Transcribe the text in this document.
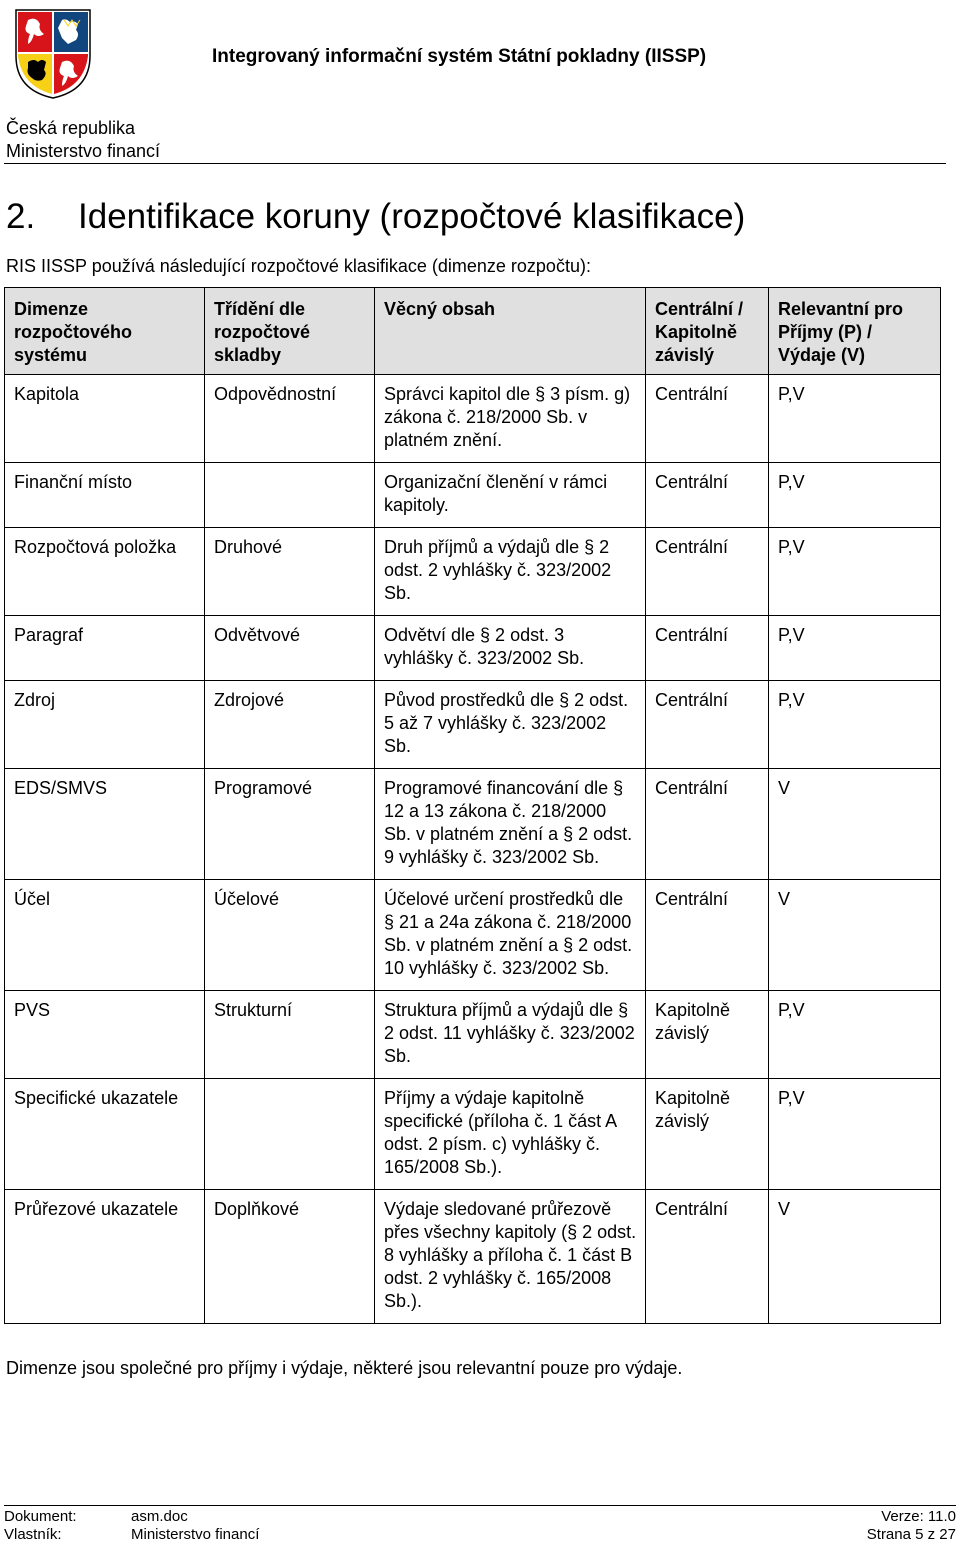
Integrovaný informační systém Státní pokladny (IISSP)
Česká republika
Ministerstvo financí
2. Identifikace koruny (rozpočtové klasifikace)
RIS IISSP používá následující rozpočtové klasifikace (dimenze rozpočtu):
Dimenze rozpočtového systému	Třídění dle rozpočtové skladby	Věcný obsah	Centrální / Kapitolně závislý	Relevantní pro Příjmy (P) / Výdaje (V)
Kapitola	Odpovědnostní	Správci kapitol dle § 3 písm. g) zákona č. 218/2000 Sb. v platném znění.	Centrální	P,V
Finanční místo		Organizační členění v rámci kapitoly.	Centrální	P,V
Rozpočtová položka	Druhové	Druh příjmů a výdajů dle § 2 odst. 2 vyhlášky č. 323/2002 Sb.	Centrální	P,V
Paragraf	Odvětvové	Odvětví dle § 2 odst. 3 vyhlášky č. 323/2002 Sb.	Centrální	P,V
Zdroj	Zdrojové	Původ prostředků dle § 2 odst. 5 až 7 vyhlášky č. 323/2002 Sb.	Centrální	P,V
EDS/SMVS	Programové	Programové financování dle § 12 a 13 zákona č. 218/2000 Sb. v platném znění a § 2 odst. 9 vyhlášky č. 323/2002 Sb.	Centrální	V
Účel	Účelové	Účelové určení prostředků dle § 21 a 24a zákona č. 218/2000 Sb. v platném znění a § 2 odst. 10 vyhlášky č. 323/2002 Sb.	Centrální	V
PVS	Strukturní	Struktura příjmů a výdajů dle § 2 odst. 11 vyhlášky č. 323/2002 Sb.	Kapitolně závislý	P,V
Specifické ukazatele		Příjmy a výdaje kapitolně specifické (příloha č. 1 část A odst. 2 písm. c) vyhlášky č. 165/2008 Sb.).	Kapitolně závislý	P,V
Průřezové ukazatele	Doplňkové	Výdaje sledované průřezově přes všechny kapitoly (§ 2 odst. 8 vyhlášky a příloha č. 1 část B odst. 2 vyhlášky č. 165/2008 Sb.).	Centrální	V
Dimenze jsou společné pro příjmy i výdaje, některé jsou relevantní pouze pro výdaje.
Dokument:	asm.doc
Vlastník:	Ministerstvo financí
Verze: 11.0
Strana 5 z 27
